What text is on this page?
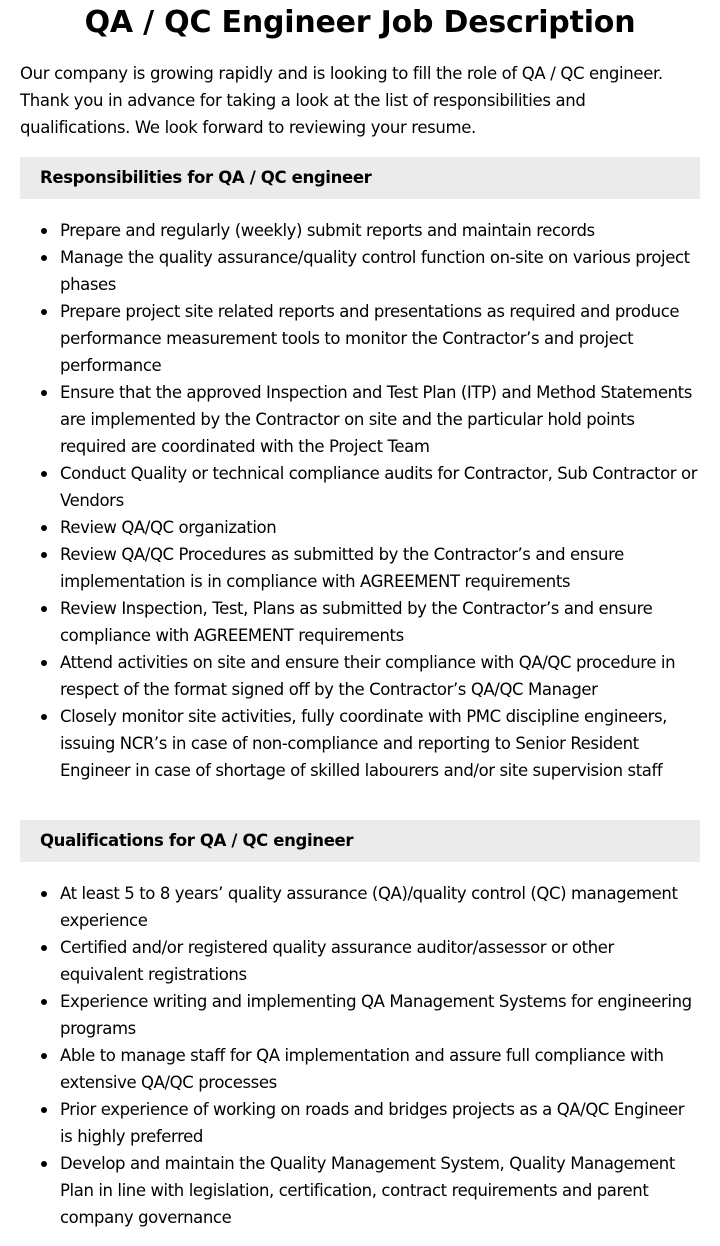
QA / QC Engineer Job Description

Our company is growing rapidly and is looking to fill the role of QA / QC engineer. Thank you in advance for taking a look at the list of responsibilities and qualifications. We look forward to reviewing your resume.

Responsibilities for QA / QC engineer
Prepare and regularly (weekly) submit reports and maintain records
Manage the quality assurance/quality control function on-site on various project phases
Prepare project site related reports and presentations as required and produce performance measurement tools to monitor the Contractor’s and project performance
Ensure that the approved Inspection and Test Plan (ITP) and Method Statements are implemented by the Contractor on site and the particular hold points required are coordinated with the Project Team
Conduct Quality or technical compliance audits for Contractor, Sub Contractor or Vendors
Review QA/QC organization
Review QA/QC Procedures as submitted by the Contractor’s and ensure implementation is in compliance with AGREEMENT requirements
Review Inspection, Test, Plans as submitted by the Contractor’s and ensure compliance with AGREEMENT requirements
Attend activities on site and ensure their compliance with QA/QC procedure in respect of the format signed off by the Contractor’s QA/QC Manager
Closely monitor site activities, fully coordinate with PMC discipline engineers, issuing NCR’s in case of non-compliance and reporting to Senior Resident Engineer in case of shortage of skilled labourers and/or site supervision staff
Qualifications for QA / QC engineer
At least 5 to 8 years’ quality assurance (QA)/quality control (QC) management experience
Certified and/or registered quality assurance auditor/assessor or other equivalent registrations
Experience writing and implementing QA Management Systems for engineering programs
Able to manage staff for QA implementation and assure full compliance with extensive QA/QC processes
Prior experience of working on roads and bridges projects as a QA/QC Engineer is highly preferred
Develop and maintain the Quality Management System, Quality Management Plan in line with legislation, certification, contract requirements and parent company governance
